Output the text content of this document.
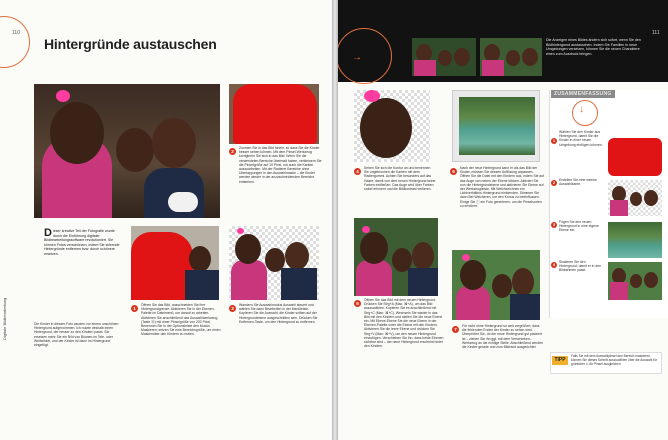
110
Hintergründe austauschen
2
Zoomen Sie in das Bild hinein, so dass Sie die Kinder besser sehen können. Mit dem Pinsel-Werkzeug korrigieren Sie sich in das Bild. Wenn Sie die verwendeten Bereiche übermalt haben, verkleinern Sie die Pinselgröße auf 10 Pixel, um auch die Kanten auszuarbeiten. Mit der Radierer Bereiche ohne Überlappungen in den Auswahlmaske – die Kinder werden wieder in der anzuschneidenden Bereiche entstehen.
Dieser kreative Teil der Fotografie wurde durch die Einführung digitaler Bildbearbeitungssoftware revolutioniert. Sie können Fotos verschönern, indem Sie störende Hintergründe entfernen bzw. durch schönere ersetzen.
1
Öffnen Sie das Bild, ausschneiden Sie ihre Hintergrundgrenze. Aktivieren Sie in der Ebenen-Palette im Dateimenü, um darauf zu arbeiten. Aktivieren Sie anschließend das Auswahlwerkzeug (Taste Ⓜ) mit einer Pinselgröße von 200 Pixel. Benennen Sie in der Optionsleiste den Modus Maskieren; setzen Sie eine Bereichsgröße, um einen Maskenüber den Kindern zu malen.
3
Wandern Sie Auswahlmodus Auswahl steuert und wählen Sie dann Bearbeiten in der Menüleiste. Kopieren Sie die Auswahl; die Kinder sollten auf der Hintergrundebene ausgeschnitten sein. Drücken Sie Entfernen-Taste, um den Hintergrund zu entfernen.
Die Kinder in diesem Foto wurden vor einem unschönen Hintergrund aufgenommen. Ich nutzte deshalb einen Hintergrund, der besser zu den Kindern passt. Sie ersetzen mehr Sie ein Bild von Blumen im Tele- oder Weitwinkel, und der Kinder ist dann im Hintergrund eingefügt.
Digitale Bildbearbeitung
111
→
Die Anzeigen eines Bildes ändern sich sofort, wenn Sie den Bildhintergrund austauschen. Indem Sie Familien in neue Umgebungen versetzen, können Sie die neuen Charaktere einen zum Ausdruck bringen.
4
Sehen Sie sich die Kontur an und benennen Sie ungebrochen die Kanten mit dem Radiergummi. Achten Sie besonders auf das Haare; damit von dem neuen Hintergrund keine Farben einfließen. Das Auge wird über Farben sofort erinnern und die Bildkontrast verlieren.
6
Nach der neue Hintergrund kann er als das Bild der Kinder, müssen Sie dessen Auflösung anpassen. Öffnen Sie die Datei mit den Kindern aus, indem Sie auf das Auge von neben der Ebene klicken. Aktiviert Sie nun die Hintergrundebene und aktivieren Sie Ebene auf der Werkzeugleiste. Mit Weichzeichnen ein Lichtverhältnis Hintergrund einblenden. Stimmen Sie dann Bei Weicheren, um den Konus zu beeinflussen. Einige Sie ⓣ ein Foto generieren, um die Pinselsorten zu erhöhen.
5
Öffnen Sie das Bild mit dem neuen Hintergrund. Drücken Sie Strg+A (Mac: ⌘+A), um das Bild auszuwählen. Kopieren Sie es anschließend mit Strg+C (Mac: ⌘+C). Wechseln Sie wieder in das Bild mit den Kindern und stellen Sie die neue Ebene ein. Mit Ebene-Ebene Sie die neue Ebene in der Ebenen-Palette unter die Ebene mit den Kindern. Aktivieren Sie die leere Ebene und drücken Sie Strg+V (Mac: ⌘+V), um den neuen Hintergrund einzufügen. Verschieben Sie ihn, dass beide Ebenen sichtbar sind – der neue Hintergrund erscheint hinter den Kindern.
7
Für nicht ohne Hintergrund so weit vergrößert, dass die fehlenden Enden der Kinder zu sehen sind. Überprüfen Sie, ob der neue Hintergrund gut platziert ist – ziehen Sie ihn ggf. mit dem Verschieben-Werkzeug an die richtige Stelle. Abschließend werden die Kinder gerade und zum Bildrand ausgerichtet.
ZUSAMMENFASSUNG
↓
1
Wählen Sie den Kinder aus Hintergrund, damit Sie die Kinder in einer neuen Umgebung einfügen können.
2	Erstellen Sie eine weiche Auswahlkante.
3	Fügen Sie den neuen Hintergrund in eine eigene Ebene ein.
4	Skalieren Sie den Hintergrund, damit er in den Bildrahmen passt.
TIPP
Falls Sie mit dem Auswahlpinsel den Bereich maskieren, können Sie dieses Schnitt auszuwählen über die Auswahl für grünlicher ⊡ für Pinsel ausgleichen.
